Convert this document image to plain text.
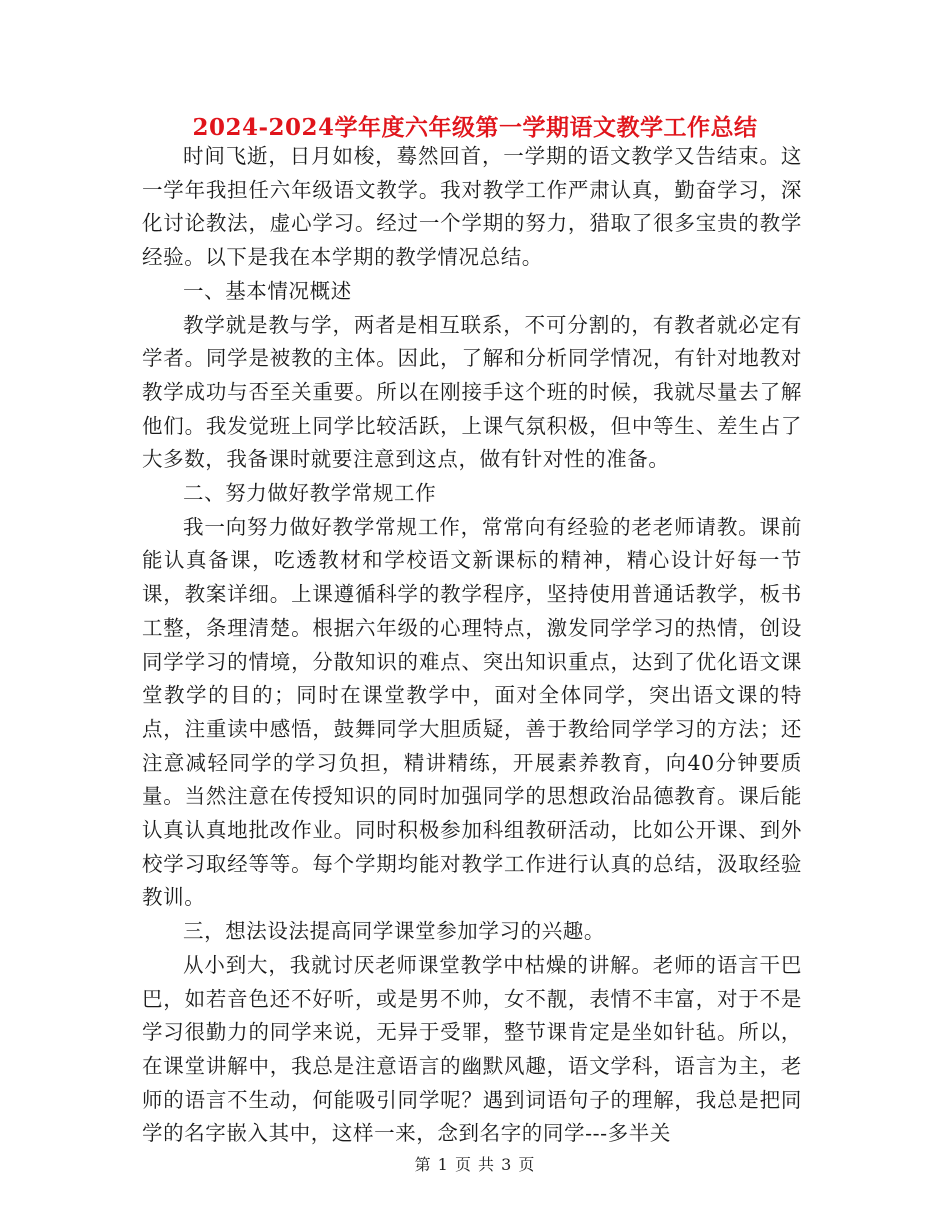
2024-2024学年度六年级第一学期语文教学工作总结

时间飞逝，日月如梭，蓦然回首，一学期的语文教学又告结束。这一学年我担任六年级语文教学。我对教学工作严肃认真，勤奋学习，深化讨论教法，虚心学习。经过一个学期的努力，猎取了很多宝贵的教学经验。以下是我在本学期的教学情况总结。

一、基本情况概述

教学就是教与学，两者是相互联系，不可分割的，有教者就必定有学者。同学是被教的主体。因此，了解和分析同学情况，有针对地教对教学成功与否至关重要。所以在刚接手这个班的时候，我就尽量去了解他们。我发觉班上同学比较活跃，上课气氛积极，但中等生、差生占了大多数，我备课时就要注意到这点，做有针对性的准备。

二、努力做好教学常规工作

我一向努力做好教学常规工作，常常向有经验的老老师请教。课前能认真备课，吃透教材和学校语文新课标的精神，精心设计好每一节课，教案详细。上课遵循科学的教学程序，坚持使用普通话教学，板书工整，条理清楚。根据六年级的心理特点，激发同学学习的热情，创设同学学习的情境，分散知识的难点、突出知识重点，达到了优化语文课堂教学的目的；同时在课堂教学中，面对全体同学，突出语文课的特点，注重读中感悟，鼓舞同学大胆质疑，善于教给同学学习的方法；还注意减轻同学的学习负担，精讲精练，开展素养教育，向40分钟要质量。当然注意在传授知识的同时加强同学的思想政治品德教育。课后能认真认真地批改作业。同时积极参加科组教研活动，比如公开课、到外校学习取经等等。每个学期均能对教学工作进行认真的总结，汲取经验教训。

三，想法设法提高同学课堂参加学习的兴趣。

从小到大，我就讨厌老师课堂教学中枯燥的讲解。老师的语言干巴巴，如若音色还不好听，或是男不帅，女不靓，表情不丰富，对于不是学习很勤力的同学来说，无异于受罪，整节课肯定是坐如针毡。所以，在课堂讲解中，我总是注意语言的幽默风趣，语文学科，语言为主，老师的语言不生动，何能吸引同学呢？遇到词语句子的理解，我总是把同学的名字嵌入其中，这样一来，念到名字的同学---多半关

第 1 页 共 3 页
